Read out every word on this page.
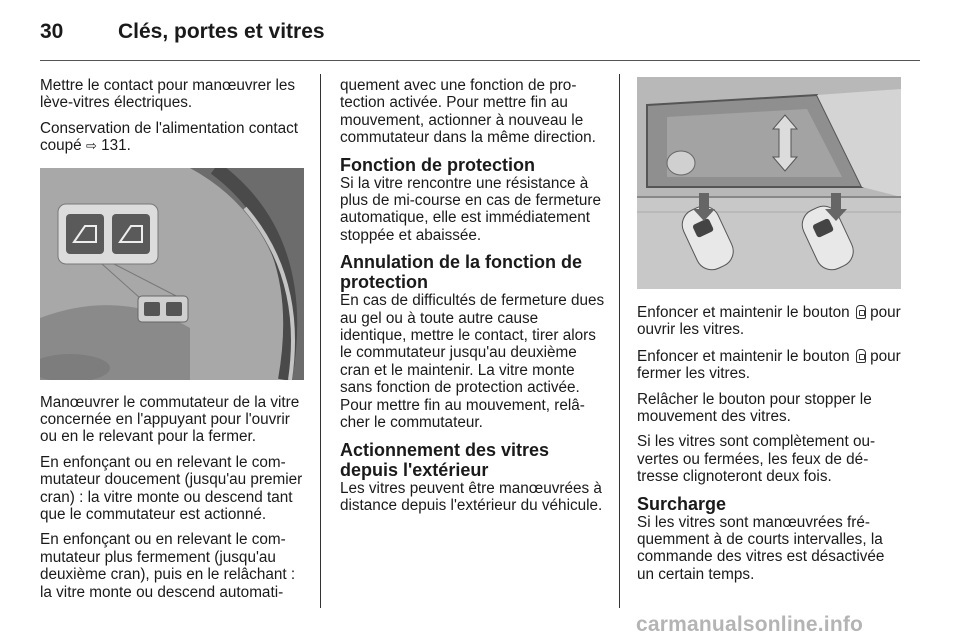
30	Clés, portes et vitres

Mettre le contact pour manœuvrer les lève-vitres électriques.

Conservation de l'alimentation contact coupé ⇨ 131.

Manœuvrer le commutateur de la vitre concernée en l'appuyant pour l'ouvrir ou en le relevant pour la fermer.

En enfonçant ou en relevant le commutateur doucement (jusqu'au premier cran) : la vitre monte ou descend tant que le commutateur est actionné.

En enfonçant ou en relevant le commutateur plus fermement (jusqu'au deuxième cran), puis en le relâchant : la vitre monte ou descend automati-

quement avec une fonction de protection activée. Pour mettre fin au mouvement, actionner à nouveau le commutateur dans la même direction.

Fonction de protection

Si la vitre rencontre une résistance à plus de mi-course en cas de fermeture automatique, elle est immédiatement stoppée et abaissée.

Annulation de la fonction de protection

En cas de difficultés de fermeture dues au gel ou à toute autre cause identique, mettre le contact, tirer alors le commutateur jusqu'au deuxième cran et le maintenir. La vitre monte sans fonction de protection activée. Pour mettre fin au mouvement, relâcher le commutateur.

Actionnement des vitres depuis l'extérieur

Les vitres peuvent être manœuvrées à distance depuis l'extérieur du véhicule.

Enfoncer et maintenir le bouton pour ouvrir les vitres.

Enfoncer et maintenir le bouton pour fermer les vitres.

Relâcher le bouton pour stopper le mouvement des vitres.

Si les vitres sont complètement ouvertes ou fermées, les feux de détresse clignoteront deux fois.

Surcharge

Si les vitres sont manœuvrées fréquemment à de courts intervalles, la commande des vitres est désactivée un certain temps.

carmanualsonline.info
